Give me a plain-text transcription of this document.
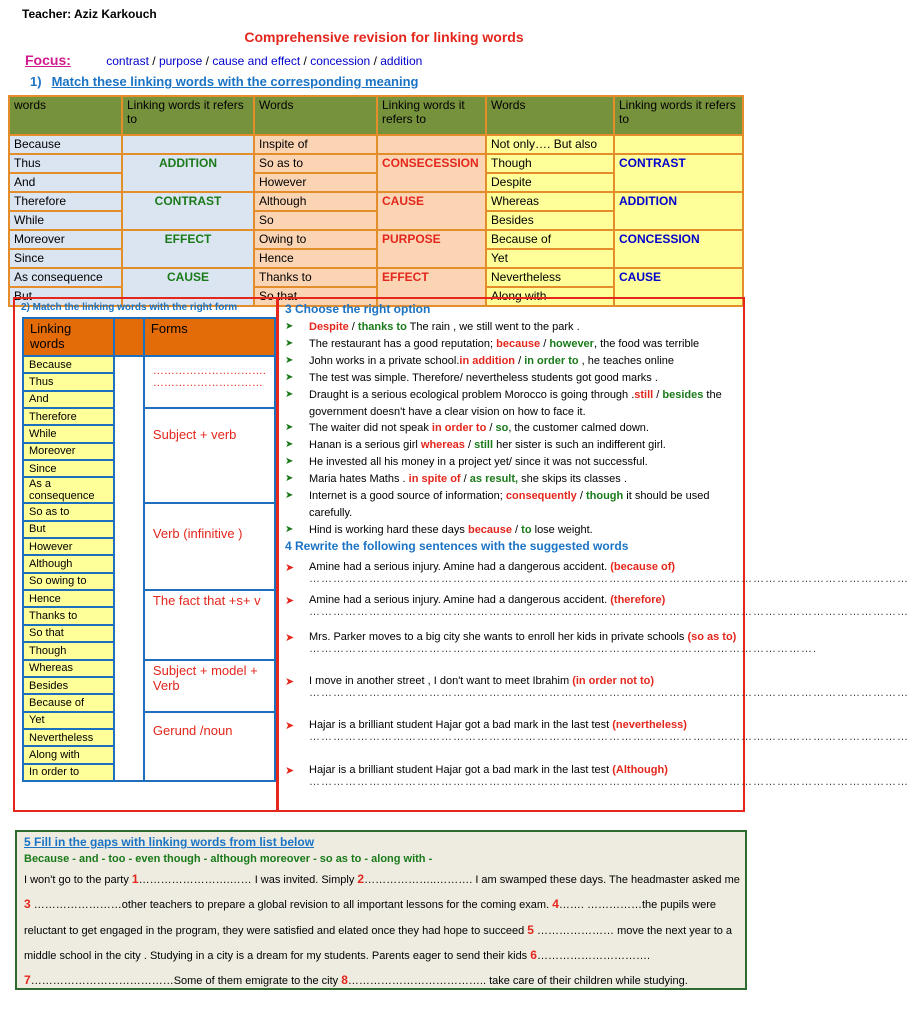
Teacher: Aziz Karkouch
Comprehensive revision for linking words
Focus:	contrast / purpose / cause and effect / concession / addition
1) Match these linking words with the corresponding meaning
words	Linking words it refers to	Words	Linking words it refers to	Words	Linking words it refers to
Because		Inspite of		Not only…. But also	
Thus	ADDITION	So as to	CONSECESSION	Though	CONTRAST
And		However		Despite	
Therefore	CONTRAST	Although	CAUSE	Whereas	ADDITION
While		So		Besides	
Moreover	EFFECT	Owing to	PURPOSE	Because of	CONCESSION
Since		Hence		Yet	
As consequence	CAUSE	Thanks to	EFFECT	Nevertheless	CAUSE
But		So that		Along with	
2) Match the linking words with the right form
Linking words		Forms
Because		…………………………. …………………………
Thus		
And		
Therefore		Subject + verb
While		
Moreover		
Since		
As a consequence		
So as to		Verb (infinitive )
But		
However		
Although		
So owing to		
Hence		The fact that +s+ v
Thanks to		
So that		
Though		
Whereas		Subject + model + Verb
Besides		
Because of		
Yet		Gerund /noun
Nevertheless		
Along with		
In order to		
3 Choose the right option
➤ Despite / thanks to The rain , we still went to the park .
➤ The restaurant has a good reputation; because / however, the food was terrible
➤ John works in a private school.in addition / in order to , he teaches online
➤ The test was simple. Therefore/ nevertheless students got good marks .
➤ Draught is a serious ecological problem Morocco is going through .still / besides the government doesn't have a clear vision on how to face it.
➤ The waiter did not speak in order to / so, the customer calmed down.
➤ Hanan is a serious girl whereas / still her sister is such an indifferent girl.
➤ He invested all his money in a project yet/ since it was not successful.
➤ Maria hates Maths . in spite of / as result, she skips its classes .
➤ Internet is a good source of information; consequently / though it should be used carefully.
➤ Hind is working hard these days because / to lose weight.
4 Rewrite the following sentences with the suggested words
➤	Amine had a serious injury. Amine had a dangerous accident. (because of)
……………………………………………………………………………………………………………………………………
➤	Amine had a serious injury. Amine had a dangerous accident. (therefore)
……………………………………………………………………………………………………………………………………
➤	Mrs. Parker moves to a big city she wants to enroll her kids in private schools (so as to)
……………………………………………………………………………………………………………….
➤	I move in another street , I don't want to meet Ibrahim (in order not to)
……………………………………………………………………………………………………………………………………
➤	Hajar is a brilliant student Hajar got a bad mark in the last test (nevertheless)
……………………………………………………………………………………………………………………………………
➤	Hajar is a brilliant student Hajar got a bad mark in the last test (Although)
……………………………………………………………………………………………………………………………………
5 Fill in the gaps with linking words from list below
Because - and - too - even though - although moreover - so as to - along with -
I won't go to the party 1…………………….…… I was invited. Simply 2………………..………. I am swamped these days. The headmaster asked me 3 ……………………other teachers to prepare a global revision to all important lessons for the coming exam. 4……. ……………the pupils were reluctant to get engaged in the program, they were satisfied and elated once they had hope to succeed 5 ………………… move the next year to a middle school in the city . Studying in a city is a dream for my students. Parents eager to send their kids 6…………………………. 7…………………………………Some of them emigrate to the city 8……………………………….. take care of their children while studying.
